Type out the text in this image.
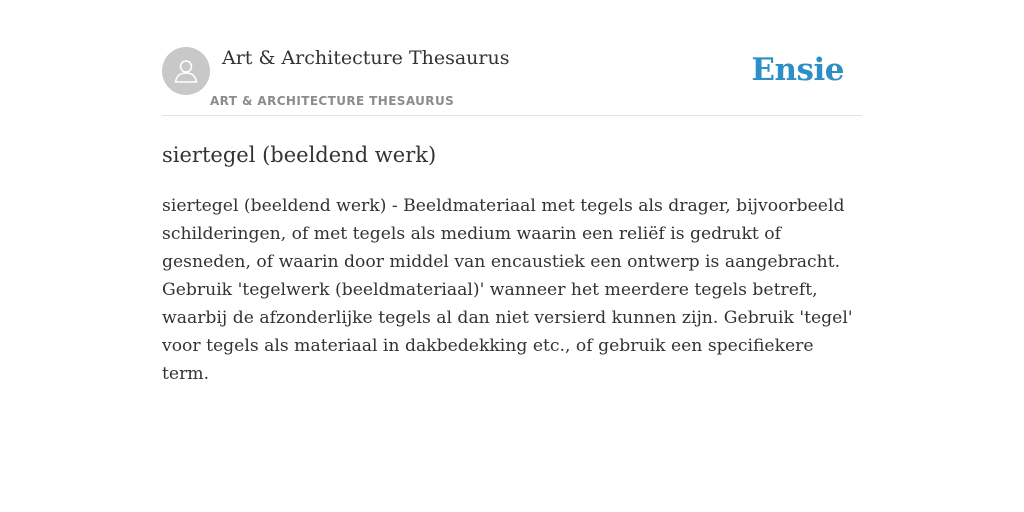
Art & Architecture Thesaurus
ART & ARCHITECTURE THESAURUS
Ensie
siertegel (beeldend werk)

siertegel (beeldend werk) - Beeldmateriaal met tegels als drager, bijvoorbeeld schilderingen, of met tegels als medium waarin een reliëf is gedrukt of gesneden, of waarin door middel van encaustiek een ontwerp is aangebracht. Gebruik 'tegelwerk (beeldmateriaal)' wanneer het meerdere tegels betreft, waarbij de afzonderlijke tegels al dan niet versierd kunnen zijn. Gebruik 'tegel' voor tegels als materiaal in dakbedekking etc., of gebruik een specifiekere term.
